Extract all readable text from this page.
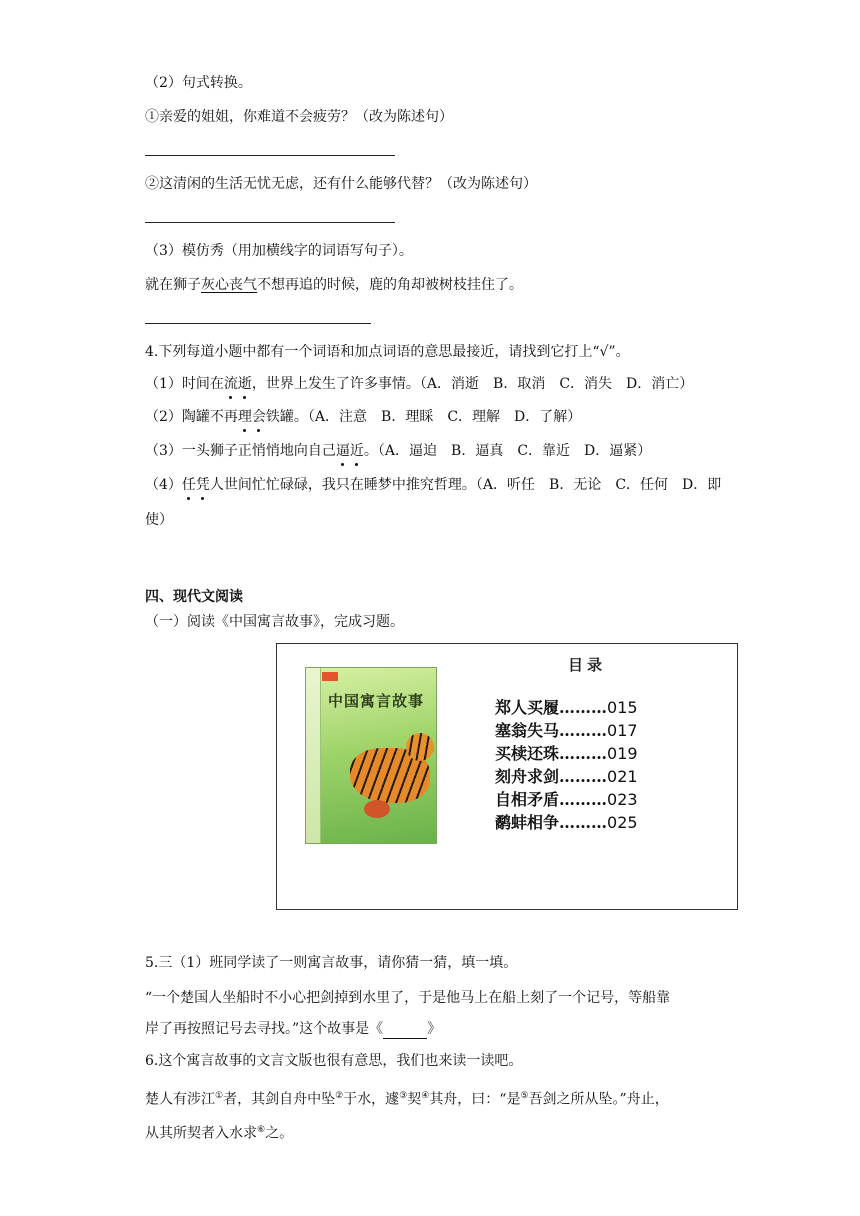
（2）句式转换。
①亲爱的姐姐，你难道不会疲劳？（改为陈述句）
②这清闲的生活无忧无虑，还有什么能够代替？（改为陈述句）
（3）模仿秀（用加横线字的词语写句子）。
就在狮子灰心丧气不想再追的时候，鹿的角却被树枝挂住了。
4.下列每道小题中都有一个词语和加点词语的意思最接近，请找到它打上“√”。
（1）时间在流逝，世界上发生了许多事情。（A．消逝　B．取消　C．消失　D．消亡）
（2）陶罐不再理会铁罐。（A．注意　B．理睬　C．理解　D．了解）
（3）一头狮子正悄悄地向自己逼近。（A．逼迫　B．逼真　C．靠近　D．逼紧）
（4）任凭人世间忙忙碌碌，我只在睡梦中推究哲理。（A．听任　B．无论　C．任何　D．即
使）
四、现代文阅读
（一）阅读《中国寓言故事》，完成习题。
中国寓言故事
目录
郑人买履………015
塞翁失马………017
买椟还珠………019
刻舟求剑………021
自相矛盾………023
鹬蚌相争………025
5.三（1）班同学读了一则寓言故事，请你猜一猜，填一填。
“一个楚国人坐船时不小心把剑掉到水里了，于是他马上在船上刻了一个记号，等船靠
岸了再按照记号去寻找。”这个故事是《	》
6.这个寓言故事的文言文版也很有意思，我们也来读一读吧。
楚人有涉江①者，其剑自舟中坠②于水，遽③契④其舟，曰：“是⑤吾剑之所从坠。”舟止，
从其所契者入水求⑥之。
